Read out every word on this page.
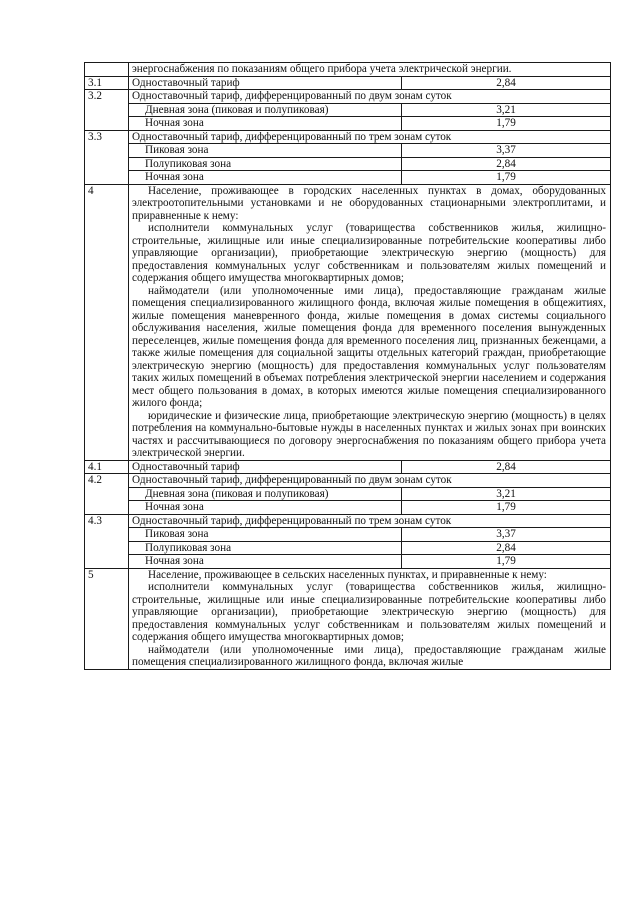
	энергоснабжения по показаниям общего прибора учета электрической энергии.	
3.1	Одноставочный тариф	2,84
3.2	Одноставочный тариф, дифференцированный по двум зонам суток	
	Дневная зона (пиковая и полупиковая)	3,21
	Ночная зона	1,79
3.3	Одноставочный тариф, дифференцированный по трем зонам суток	
	Пиковая зона	3,37
	Полупиковая зона	2,84
	Ночная зона	1,79
4	Население, проживающее в городских населенных пунктах в домах, оборудованных электроотопительными установками и не оборудованных стационарными электроплитами, и приравненные к нему:
исполнители коммунальных услуг (товарищества собственников жилья, жилищно-строительные, жилищные или иные специализированные потребительские кооперативы либо управляющие организации), приобретающие электрическую энергию (мощность) для предоставления коммунальных услуг собственникам и пользователям жилых помещений и содержания общего имущества многоквартирных домов;
наймодатели (или уполномоченные ими лица), предоставляющие гражданам жилые помещения специализированного жилищного фонда, включая жилые помещения в общежитиях, жилые помещения маневренного фонда, жилые помещения в домах системы социального обслуживания населения, жилые помещения фонда для временного поселения вынужденных переселенцев, жилые помещения фонда для временного поселения лиц, признанных беженцами, а также жилые помещения для социальной защиты отдельных категорий граждан, приобретающие электрическую энергию (мощность) для предоставления коммунальных услуг пользователям таких жилых помещений в объемах потребления электрической энергии населением и содержания мест общего пользования в домах, в которых имеются жилые помещения специализированного жилого фонда;
юридические и физические лица, приобретающие электрическую энергию (мощность) в целях потребления на коммунально-бытовые нужды в населенных пунктах и жилых зонах при воинских частях и рассчитывающиеся по договору энергоснабжения по показаниям общего прибора учета электрической энергии.	

4.1	Одноставочный тариф	2,84
4.2	Одноставочный тариф, дифференцированный по двум зонам суток	
	Дневная зона (пиковая и полупиковая)	3,21
	Ночная зона	1,79
4.3	Одноставочный тариф, дифференцированный по трем зонам суток	
	Пиковая зона	3,37
	Полупиковая зона	2,84
	Ночная зона	1,79
5	Население, проживающее в сельских населенных пунктах, и приравненные к нему:
исполнители коммунальных услуг (товарищества собственников жилья, жилищно-строительные, жилищные или иные специализированные потребительские кооперативы либо управляющие организации), приобретающие электрическую энергию (мощность) для предоставления коммунальных услуг собственникам и пользователям жилых помещений и содержания общего имущества многоквартирных домов;
наймодатели (или уполномоченные ими лица), предоставляющие гражданам жилые помещения специализированного жилищного фонда, включая жилые	
